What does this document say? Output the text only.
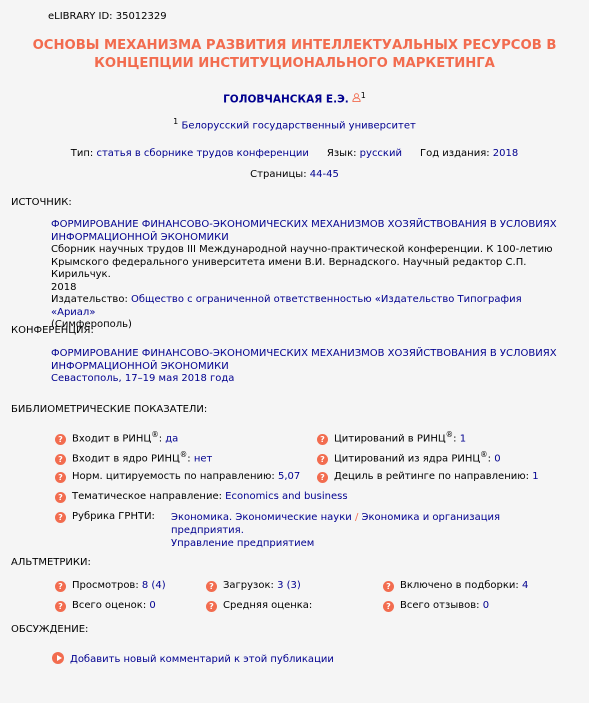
eLIBRARY ID: 35012329
ОСНОВЫ МЕХАНИЗМА РАЗВИТИЯ ИНТЕЛЛЕКТУАЛЬНЫХ РЕСУРСОВ В
КОНЦЕПЦИИ ИНСТИТУЦИОНАЛЬНОГО МАРКЕТИНГА
ГОЛОВЧАНСКАЯ Е.Э. $^1$
$^1$ Белорусский государственный университет
Тип: статья в сборнике трудов конференции Язык: русский Год издания: 2018
Страницы: 44-45
ИСТОЧНИК:
ФОРМИРОВАНИЕ ФИНАНСОВО-ЭКОНОМИЧЕСКИХ МЕХАНИЗМОВ ХОЗЯЙСТВОВАНИЯ В УСЛОВИЯХ
ИНФОРМАЦИОННОЙ ЭКОНОМИКИ
Сборник научных трудов III Международной научно-практической конференции. К 100-летию
Крымского федерального университета имени В.И. Вернадского. Научный редактор С.П. Кирильчук.
2018
Издательство: Общество с ограниченной ответственностью «Издательство Типография «Ариал»
(Симферополь)
КОНФЕРЕНЦИЯ:
ФОРМИРОВАНИЕ ФИНАНСОВО-ЭКОНОМИЧЕСКИХ МЕХАНИЗМОВ ХОЗЯЙСТВОВАНИЯ В УСЛОВИЯХ
ИНФОРМАЦИОННОЙ ЭКОНОМИКИ
Севастополь, 17–19 мая 2018 года
БИБЛИОМЕТРИЧЕСКИЕ ПОКАЗАТЕЛИ:
? Входит в РИНЦ®: да
? Входит в ядро РИНЦ®: нет
? Норм. цитируемость по направлению: 5,07
? Цитирований в РИНЦ®: 1
? Цитирований из ядра РИНЦ®: 0
? Дециль в рейтинге по направлению: 1
? Тематическое направление: Economics and business
? Рубрика ГРНТИ: Экономика. Экономические науки / Экономика и организация предприятия.
Управление предприятием
АЛЬТМЕТРИКИ:
? Просмотров: 8 (4)
? Всего оценок: 0
? Загрузок: 3 (3)
? Средняя оценка:
? Включено в подборки: 4
? Всего отзывов: 0
ОБСУЖДЕНИЕ:
Добавить новый комментарий к этой публикации
